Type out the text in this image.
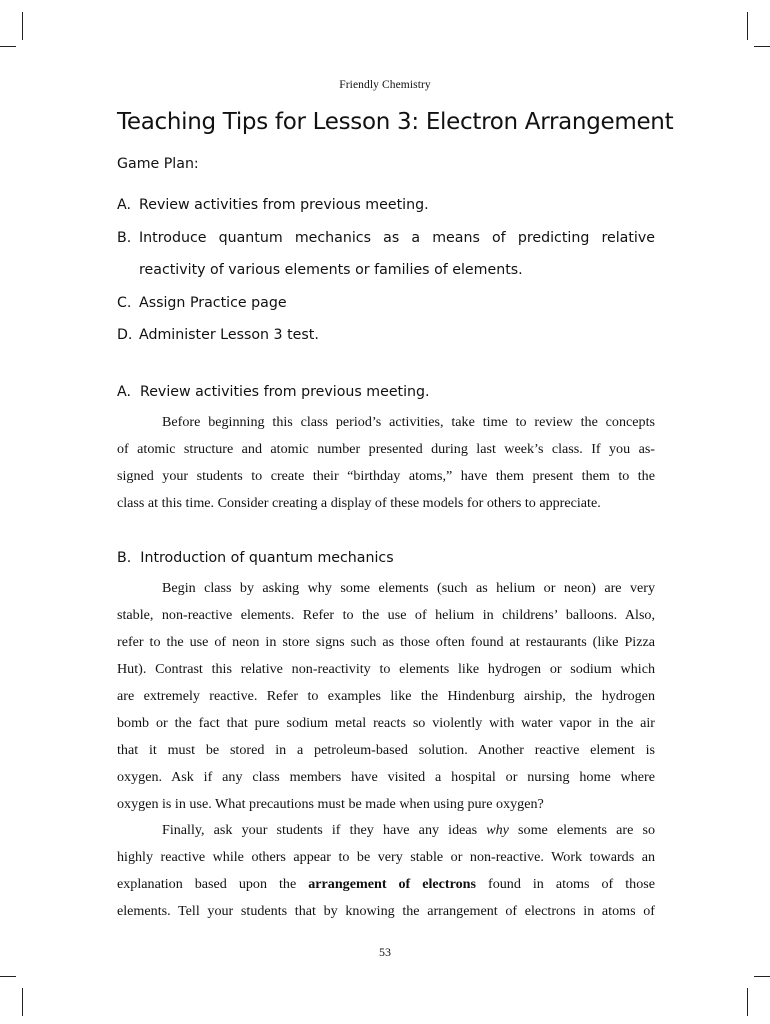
Friendly Chemistry
Teaching Tips for Lesson 3: Electron Arrangement
Game Plan:
A. Review activities from previous meeting.
B. Introduce quantum mechanics as a means of predicting relative
reactivity of various elements or families of elements.
C. Assign Practice page
D. Administer Lesson 3 test.
A.  Review activities from previous meeting.
Before beginning this class period’s activities, take time to review the concepts
of atomic structure and atomic number presented during last week’s class. If you as-
signed your students to create their “birthday atoms,” have them present them to the
class at this time. Consider creating a display of these models for others to appreciate.
B.  Introduction of quantum mechanics
Begin class by asking why some elements (such as helium or neon) are very
stable, non-reactive elements. Refer to the use of helium in childrens’ balloons. Also,
refer to the use of neon in store signs such as those often found at restaurants (like Pizza
Hut). Contrast this relative non-reactivity to elements like hydrogen or sodium which
are extremely reactive. Refer to examples like the Hindenburg airship, the hydrogen
bomb or the fact that pure sodium metal reacts so violently with water vapor in the air
that it must be stored in a petroleum-based solution. Another reactive element is
oxygen. Ask if any class members have visited a hospital or nursing home where
oxygen is in use. What precautions must be made when using pure oxygen?
Finally, ask your students if they have any ideas why some elements are so
highly reactive while others appear to be very stable or non-reactive. Work towards an
explanation based upon the arrangement of electrons found in atoms of those
elements. Tell your students that by knowing the arrangement of electrons in atoms of
53
